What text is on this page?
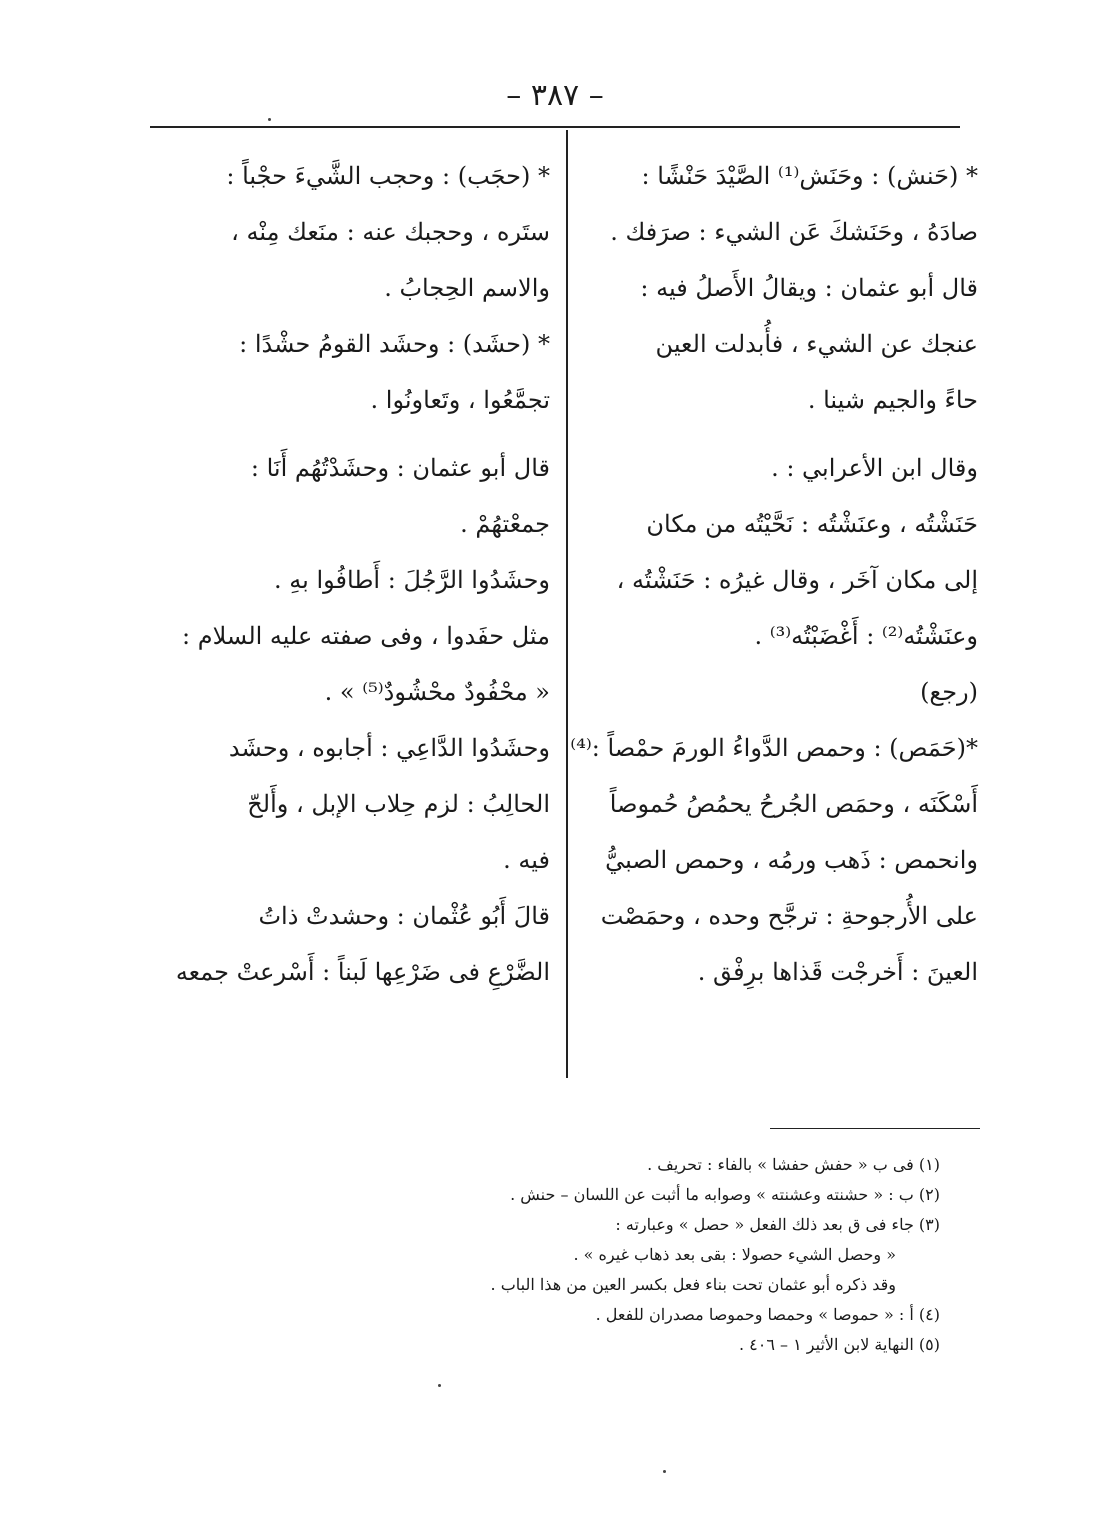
– ٣٨٧ –
* (حَنش) : وحَنَش⁽¹⁾ الصَّيْدَ حَنْشًا :
صادَهُ ، وحَنَشكَ عَن الشيء : صرَفك .
قال أبو عثمان : ويقالُ الأَصلُ فيه :
عنجك عن الشيء ، فأُبدلت العين
حاءً والجيم شينا .
وقال ابن الأعرابي : .
حَنَشْتُه ، وعنَشْتُه : نَحَّيْتُه من مكان
إلى مكان آخَر ، وقال غيرُه : حَنَشْتُه ،
وعنَشْتُه⁽²⁾ : أَغْضَبْتُه⁽³⁾ .
(رجع)
*(حَمَص) : وحمص الدَّواءُ الورمَ حمْصاً :⁽⁴⁾
أَسْكَنَه ، وحمَص الجُرحُ يحمُصُ حُموصاً
وانحمص : ذَهب ورمُه ، وحمص الصبيُّ
على الأُرجوحةِ : ترجَّح وحده ، وحمَصْت
العينَ : أَخرجْت قَذاها برِفْق .
* (حجَب) : وحجب الشَّيءَ حجْباً :
ستَره ، وحجبك عنه : منَعك مِنْه ،
والاسم الحِجابُ .
* (حشَد) : وحشَد القومُ حشْدًا :
تجمَّعُوا ، وتَعاونُوا .
قال أبو عثمان : وحشَدْتُهُم أَنَا :
جمعْتهُمْ .
وحشَدُوا الرَّجُلَ : أَطافُوا بهِ .
مثل حفَدوا ، وفى صفته عليه السلام :
« محْفُودٌ محْشُودٌ⁽⁵⁾ » .
وحشَدُوا الدَّاعِي : أجابوه ، وحشَد
الحالِبُ : لزم حِلاب الإبل ، وأَلحّ
فيه .
قالَ أَبُو عُثْمان : وحشدتْ ذاتُ
الضَّرْعِ فى ضَرْعِها لَبناً : أَسْرعتْ جمعه
(١) فى ب « حفش حفشا » بالفاء : تحريف .
(٢) ب : « حشنته وعشنته » وصوابه ما أثبت عن اللسان – حنش .
(٣) جاء فى ق بعد ذلك الفعل « حصل » وعبارته :
« وحصل الشيء حصولا : بقى بعد ذهاب غيره » .
وقد ذكره أبو عثمان تحت بناء فعل بكسر العين من هذا الباب .
(٤) أ : « حموصا » وحمصا وحموصا مصدران للفعل .
(٥) النهاية لابن الأثير ١ – ٤٠٦ .
